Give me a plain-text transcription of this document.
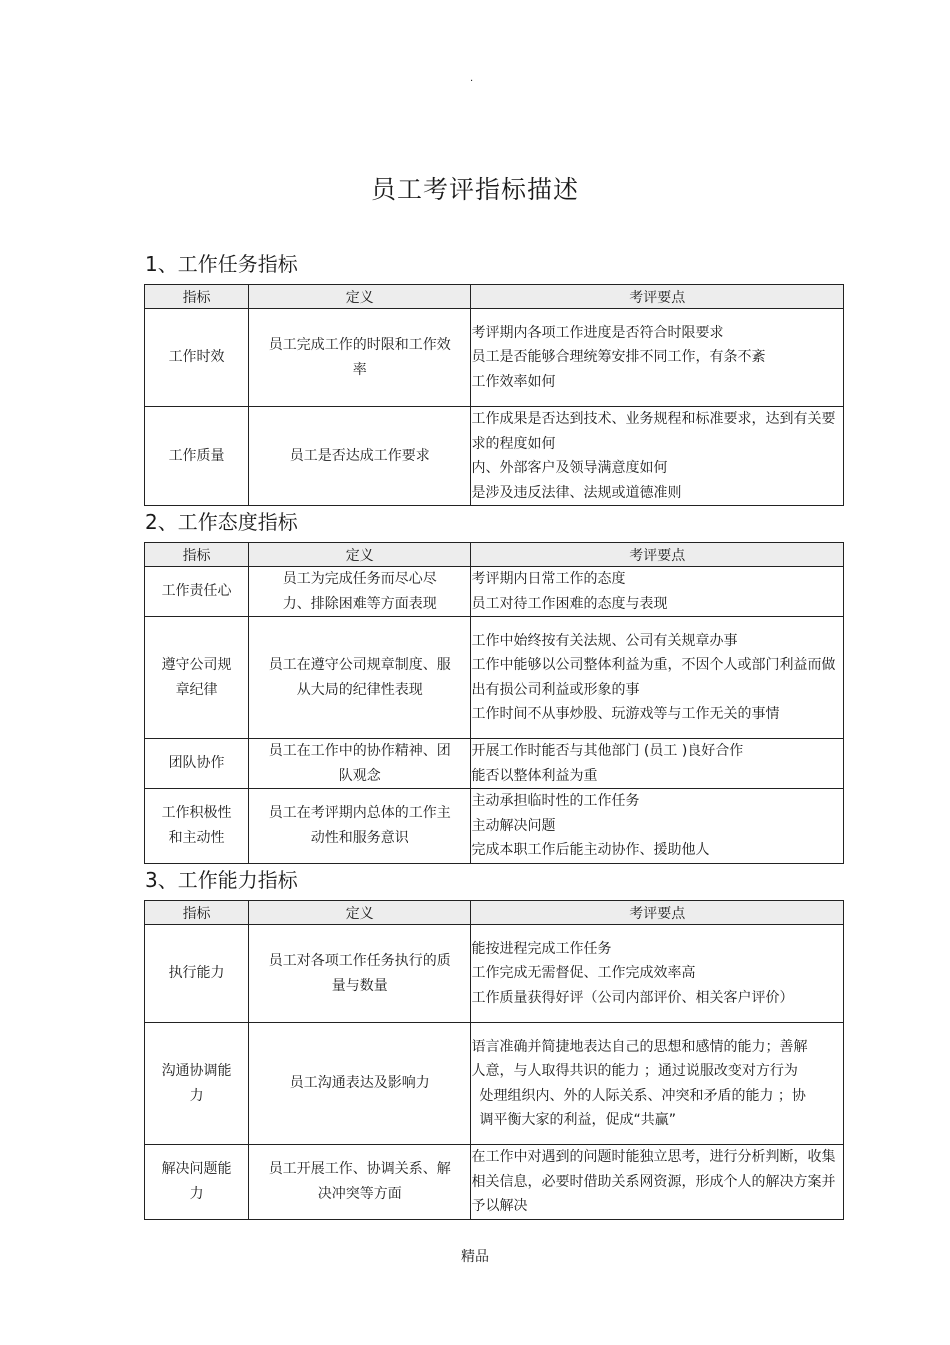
.
员工考评指标描述
1、工作任务指标
指标	定义	考评要点

工作时效	员工完成工作的时限和工作效率	考评期内各项工作进度是否符合时限要求
员工是否能够合理统筹安排不同工作，有条不紊
工作效率如何

工作质量	员工是否达成工作要求	工作成果是否达到技术、业务规程和标准要求，达到有关要求的程度如何
内、外部客户及领导满意度如何
是涉及违反法律、法规或道德准则
2、工作态度指标
指标	定义	考评要点

工作责任心	员工为完成任务而尽心尽力、排除困难等方面表现	考评期内日常工作的态度
员工对待工作困难的态度与表现

遵守公司规章纪律	员工在遵守公司规章制度、服从大局的纪律性表现	工作中始终按有关法规、公司有关规章办事
工作中能够以公司整体利益为重，不因个人或部门利益而做出有损公司利益或形象的事
工作时间不从事炒股、玩游戏等与工作无关的事情

团队协作	员工在工作中的协作精神、团队观念	开展工作时能否与其他部门 (员工 )良好合作
能否以整体利益为重

工作积极性和主动性	员工在考评期内总体的工作主动性和服务意识	主动承担临时性的工作任务
主动解决问题
完成本职工作后能主动协作、援助他人
3、工作能力指标
指标	定义	考评要点

执行能力	员工对各项工作任务执行的质量与数量	能按进程完成工作任务
工作完成无需督促、工作完成效率高
工作质量获得好评（公司内部评价、相关客户评价）

沟通协调能力	员工沟通表达及影响力	语言准确并简捷地表达自己的思想和感情的能力；善解人意，与人取得共识的能力 ；通过说服改变对方行为
处理组织内、外的人际关系、冲突和矛盾的能力 ；协调平衡大家的利益，促成“共赢”

解决问题能力	员工开展工作、协调关系、解决冲突等方面	在工作中对遇到的问题时能独立思考，进行分析判断，收集相关信息，必要时借助关系网资源，形成个人的解决方案并予以解决
精品
